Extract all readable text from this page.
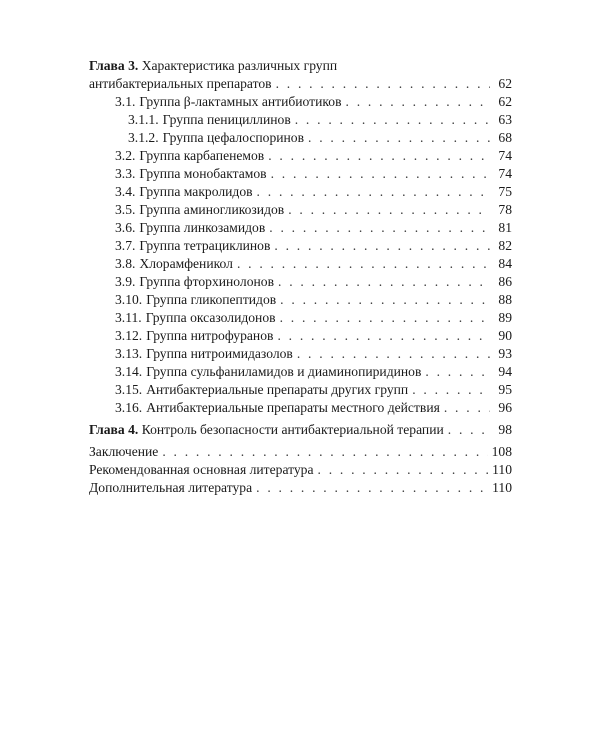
Глава 3. Характеристика различных групп
антибактериальных препаратов . . .	62
3.1. Группа β-лактамных антибиотиков . . .	62
3.1.1. Группа пенициллинов . . .	63
3.1.2. Группа цефалоспоринов . . .	68
3.2. Группа карбапенемов . . .	74
3.3. Группа монобактамов . . .	74
3.4. Группа макролидов . . .	75
3.5. Группа аминогликозидов . . .	78
3.6. Группа линкозамидов . . .	81
3.7. Группа тетрациклинов . . .	82
3.8. Хлорамфеникол . . .	84
3.9. Группа фторхинолонов . . .	86
3.10. Группа гликопептидов . . .	88
3.11. Группа оксазолидонов . . .	89
3.12. Группа нитрофуранов . . .	90
3.13. Группа нитроимидазолов . . .	93
3.14. Группа сульфаниламидов и диаминопиридинов . . .	94
3.15. Антибактериальные препараты других групп . . .	95
3.16. Антибактериальные препараты местного действия . . .	96
Глава 4. Контроль безопасности антибактериальной терапии . . .	98
Заключение . . .	108
Рекомендованная основная литература . . .	110
Дополнительная литература . . .	110
